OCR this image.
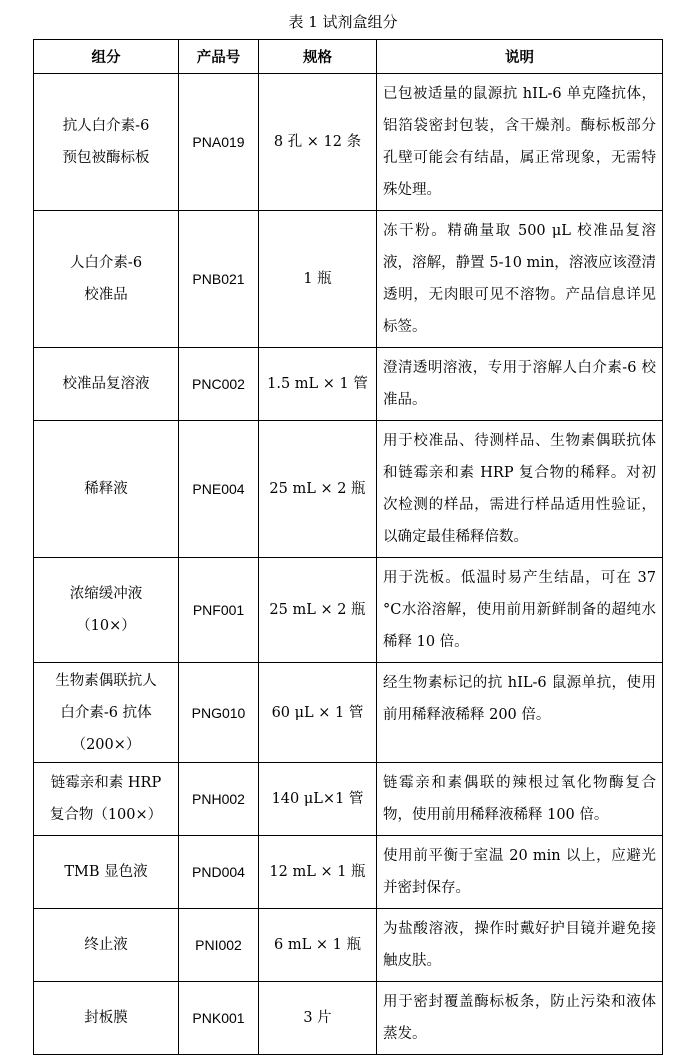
表 1 试剂盒组分
组分	产品号	规格	说明

抗人白介素-6
预包被酶标板	PNA019	8 孔 × 12 条	已包被适量的鼠源抗 hIL-6 单克隆抗体，铝箔袋密封包装，含干燥剂。酶标板部分孔壁可能会有结晶，属正常现象，无需特殊处理。

人白介素-6
校准品	PNB021	1 瓶	冻干粉。精确量取 500 μL 校准品复溶液，溶解，静置 5-10 min，溶液应该澄清透明，无肉眼可见不溶物。产品信息详见标签。

校准品复溶液	PNC002	1.5 mL × 1 管	澄清透明溶液，专用于溶解人白介素-6 校准品。

稀释液	PNE004	25 mL × 2 瓶	用于校准品、待测样品、生物素偶联抗体和链霉亲和素 HRP 复合物的稀释。对初次检测的样品，需进行样品适用性验证，以确定最佳稀释倍数。

浓缩缓冲液
（10×）	PNF001	25 mL × 2 瓶	用于洗板。低温时易产生结晶，可在 37 °C水浴溶解，使用前用新鲜制备的超纯水稀释 10 倍。

生物素偶联抗人
白介素-6 抗体
（200×）	PNG010	60 μL × 1 管	经生物素标记的抗 hIL-6 鼠源单抗，使用前用稀释液稀释 200 倍。

链霉亲和素 HRP
复合物（100×）	PNH002	140 μL×1 管	链霉亲和素偶联的辣根过氧化物酶复合物，使用前用稀释液稀释 100 倍。

TMB 显色液	PND004	12 mL × 1 瓶	使用前平衡于室温 20 min 以上，应避光并密封保存。

终止液	PNI002	6 mL × 1 瓶	为盐酸溶液，操作时戴好护目镜并避免接触皮肤。

封板膜	PNK001	3 片	用于密封覆盖酶标板条，防止污染和液体蒸发。
